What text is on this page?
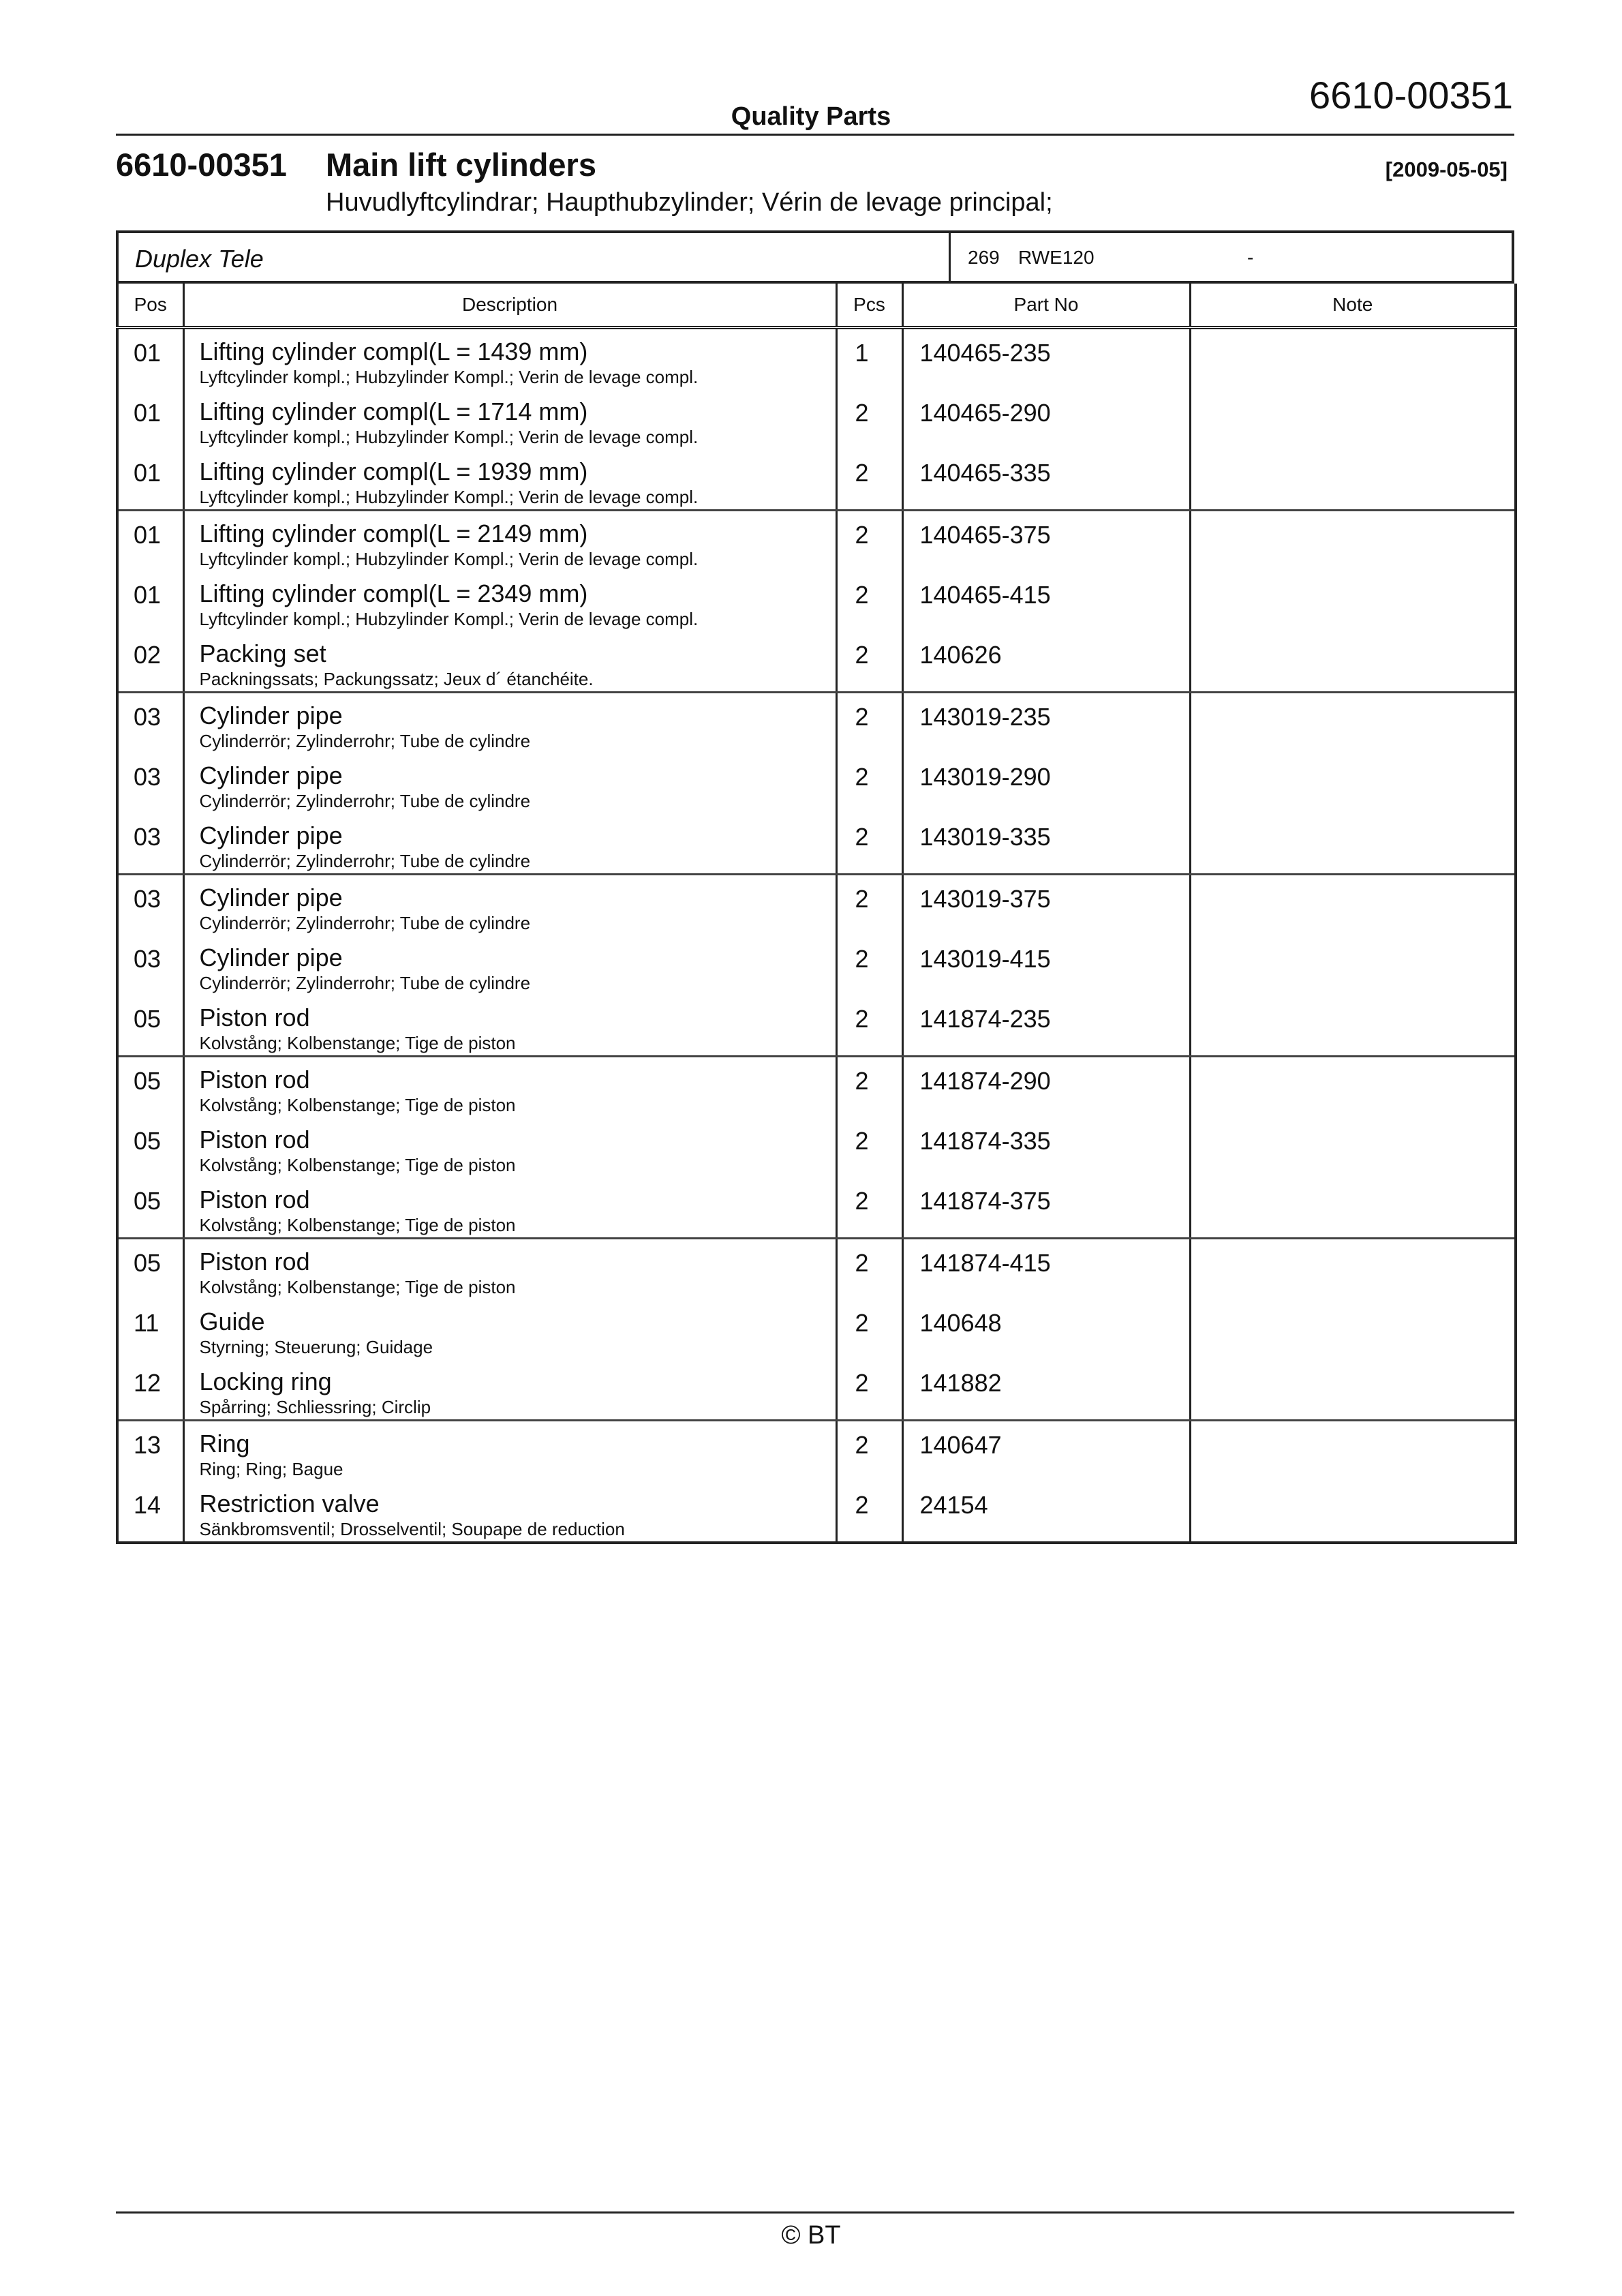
6610-00351
Quality Parts
6610-00351 Main lift cylinders	[2009-05-05]
Huvudlyftcylindrar; Haupthubzylinder; Vérin de levage principal;
Duplex Tele	269 RWE120	-
Pos	Description	Pcs	Part No	Note
01	Lifting cylinder compl(L = 1439 mm)
Lyftcylinder kompl.; Hubzylinder Kompl.; Verin de levage compl.	1	140465-235	
01	Lifting cylinder compl(L = 1714 mm)
Lyftcylinder kompl.; Hubzylinder Kompl.; Verin de levage compl.	2	140465-290	
01	Lifting cylinder compl(L = 1939 mm)
Lyftcylinder kompl.; Hubzylinder Kompl.; Verin de levage compl.	2	140465-335	
01	Lifting cylinder compl(L = 2149 mm)
Lyftcylinder kompl.; Hubzylinder Kompl.; Verin de levage compl.	2	140465-375	
01	Lifting cylinder compl(L = 2349 mm)
Lyftcylinder kompl.; Hubzylinder Kompl.; Verin de levage compl.	2	140465-415	
02	Packing set
Packningssats; Packungssatz; Jeux d´ étanchéite.	2	140626	
03	Cylinder pipe
Cylinderrör; Zylinderrohr; Tube de cylindre	2	143019-235	
03	Cylinder pipe
Cylinderrör; Zylinderrohr; Tube de cylindre	2	143019-290	
03	Cylinder pipe
Cylinderrör; Zylinderrohr; Tube de cylindre	2	143019-335	
03	Cylinder pipe
Cylinderrör; Zylinderrohr; Tube de cylindre	2	143019-375	
03	Cylinder pipe
Cylinderrör; Zylinderrohr; Tube de cylindre	2	143019-415	
05	Piston rod
Kolvstång; Kolbenstange; Tige de piston	2	141874-235	
05	Piston rod
Kolvstång; Kolbenstange; Tige de piston	2	141874-290	
05	Piston rod
Kolvstång; Kolbenstange; Tige de piston	2	141874-335	
05	Piston rod
Kolvstång; Kolbenstange; Tige de piston	2	141874-375	
05	Piston rod
Kolvstång; Kolbenstange; Tige de piston	2	141874-415	
11	Guide
Styrning; Steuerung; Guidage	2	140648	
12	Locking ring
Spårring; Schliessring; Circlip	2	141882	
13	Ring
Ring; Ring; Bague	2	140647	
14	Restriction valve
Sänkbromsventil; Drosselventil; Soupape de reduction	2	24154	
© BT
